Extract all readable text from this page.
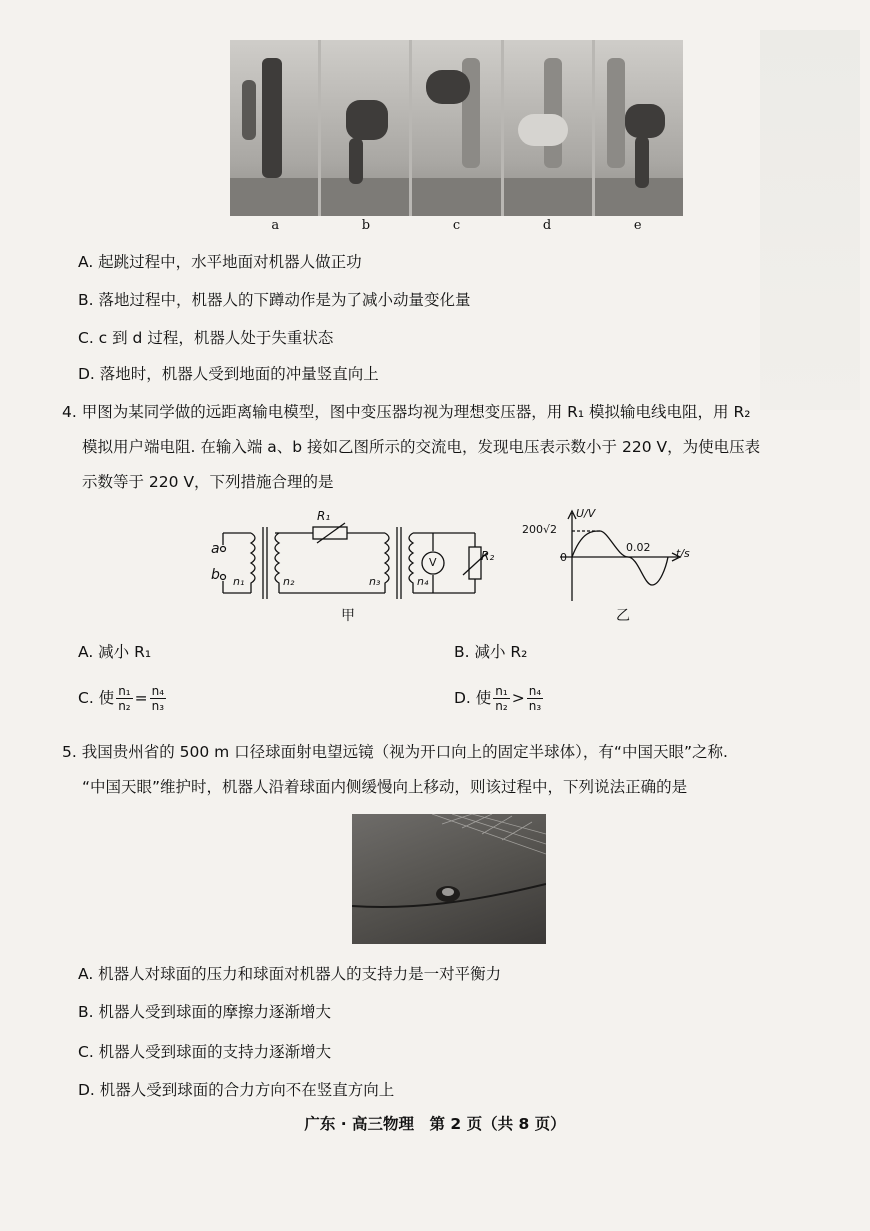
a	b	c	d	e
A. 起跳过程中，水平地面对机器人做正功
B. 落地过程中，机器人的下蹲动作是为了减小动量变化量
C. c 到 d 过程，机器人处于失重状态
D. 落地时，机器人受到地面的冲量竖直向上
4. 甲图为某同学做的远距离输电模型，图中变压器均视为理想变压器，用 R₁ 模拟输电线电阻，用 R₂
模拟用户端电阻. 在输入端 a、b 接如乙图所示的交流电，发现电压表示数小于 220 V，为使电压表
示数等于 220 V，下列措施合理的是
a
b n₁	n₂	n₃	n₄
R₁
R₂
V
甲
U/V
t/s
200√2
0
0.02
乙
A. 减小 R₁	B. 减小 R₂
C. 使 $\frac{\text{n₁}}{\text{n₂}} = \frac{\text{n₄}}{\text{n₃}}$	D. 使 $\frac{\text{n₁}}{\text{n₂}} > \frac{\text{n₄}}{\text{n₃}}$
5. 我国贵州省的 500 m 口径球面射电望远镜（视为开口向上的固定半球体），有“中国天眼”之称.
“中国天眼”维护时，机器人沿着球面内侧缓慢向上移动，则该过程中，下列说法正确的是
A. 机器人对球面的压力和球面对机器人的支持力是一对平衡力
B. 机器人受到球面的摩擦力逐渐增大
C. 机器人受到球面的支持力逐渐增大
D. 机器人受到球面的合力方向不在竖直方向上
广东 · 高三物理　第 2 页（共 8 页）
